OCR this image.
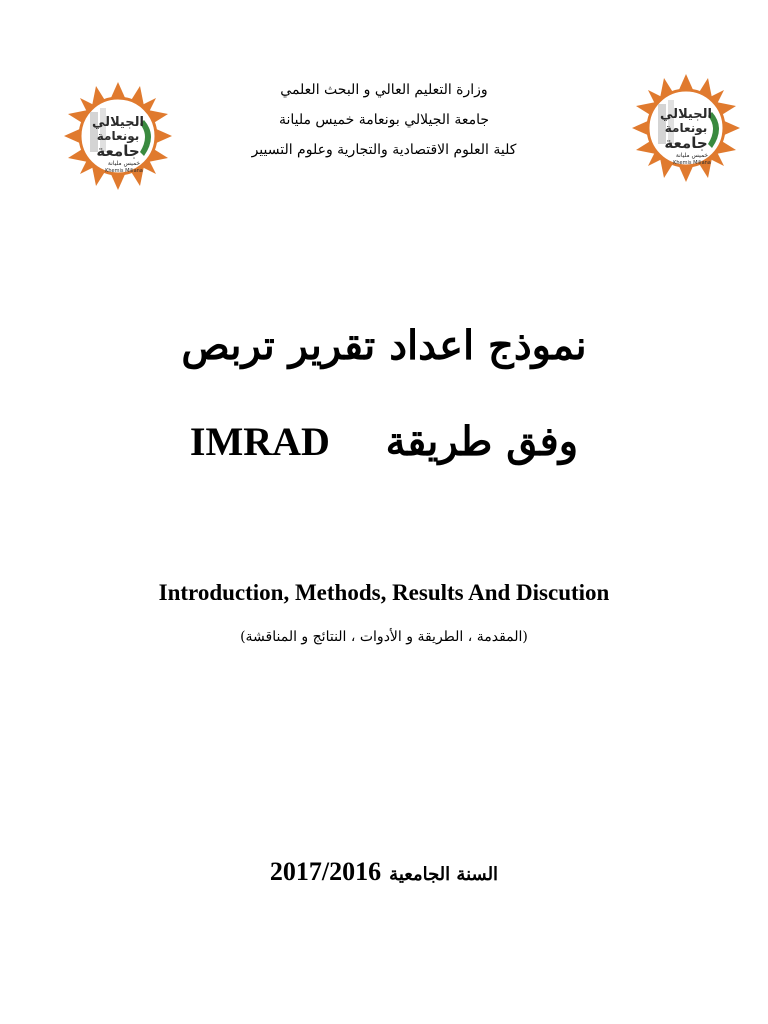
الجيلالي
بونعامة
جامعة
خميس مليانة
Khemis Miliana
الجيلالي
بونعامة
جامعة
خميس مليانة
Khemis Miliana
وزارة التعليم العالي و البحث العلمي
جامعة الجيلالي بونعامة خميس مليانة
كلية العلوم الاقتصادية والتجارية وعلوم التسيير
نموذج اعداد تقرير تربص
وفق طريقة    IMRAD
Introduction, Methods, Results And Discution
(المقدمة ، الطريقة و الأدوات ، النتائج و المناقشة)
السنة الجامعية 2017/2016
